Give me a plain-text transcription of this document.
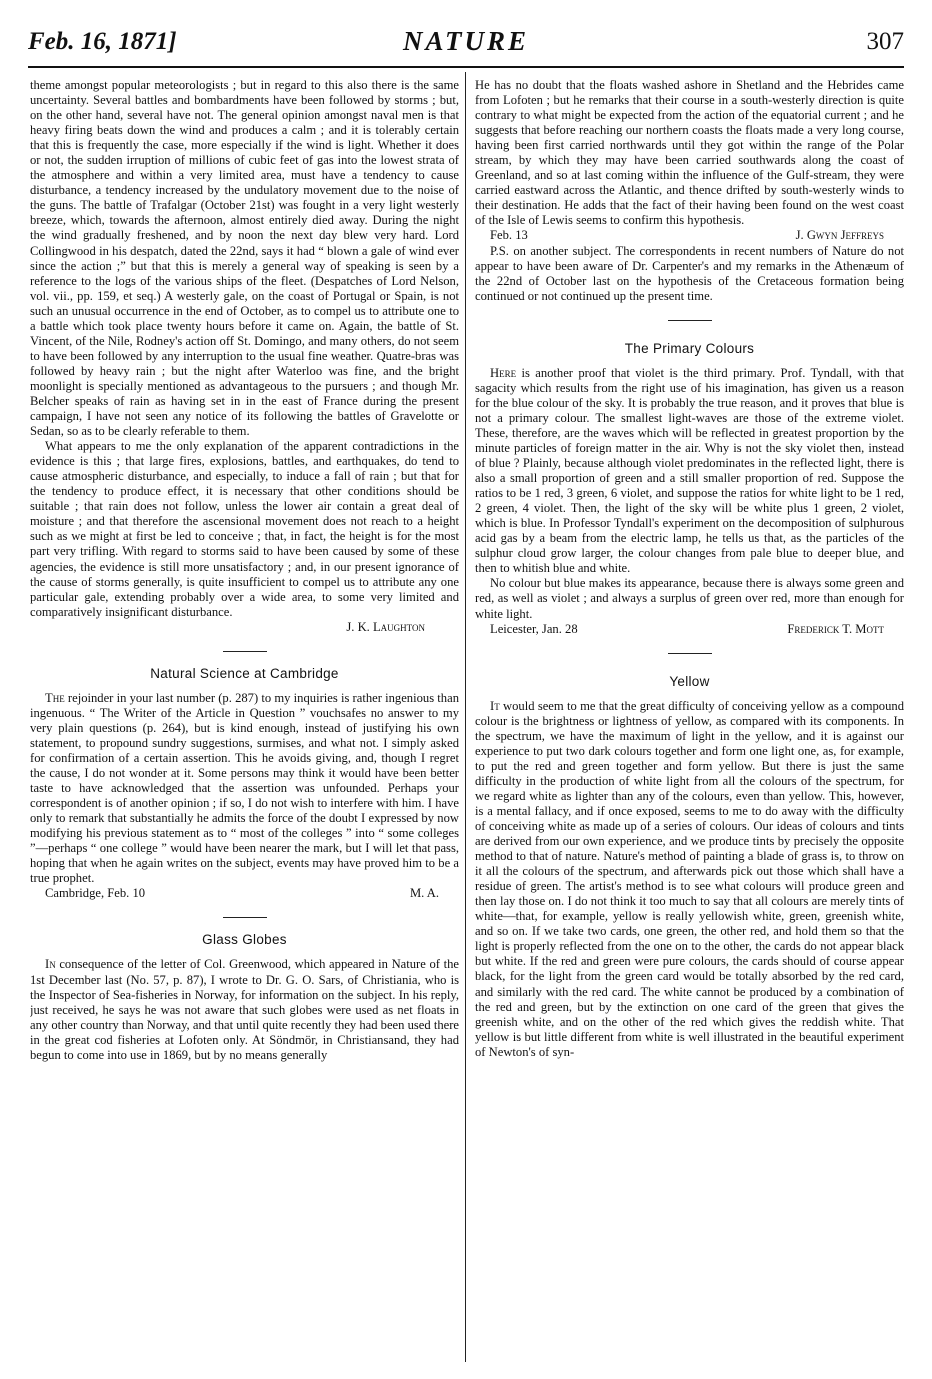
Feb. 16, 1871]	NATURE	307

theme amongst popular meteorologists ; but in regard to this also there is the same uncertainty. Several battles and bombardments have been followed by storms ; but, on the other hand, several have not. The general opinion amongst naval men is that heavy firing beats down the wind and produces a calm ; and it is tolerably certain that this is frequently the case, more especially if the wind is light. Whether it does or not, the sudden irruption of millions of cubic feet of gas into the lowest strata of the atmosphere and within a very limited area, must have a tendency to cause disturbance, a tendency increased by the undulatory movement due to the noise of the guns. The battle of Trafalgar (October 21st) was fought in a very light westerly breeze, which, towards the afternoon, almost entirely died away. During the night the wind gradually freshened, and by noon the next day blew very hard. Lord Collingwood in his despatch, dated the 22nd, says it had “ blown a gale of wind ever since the action ;” but that this is merely a general way of speaking is seen by a reference to the logs of the various ships of the fleet. (Despatches of Lord Nelson, vol. vii., pp. 159, et seq.) A westerly gale, on the coast of Portugal or Spain, is not such an unusual occurrence in the end of October, as to compel us to attribute one to a battle which took place twenty hours before it came on. Again, the battle of St. Vincent, of the Nile, Rodney's action off St. Domingo, and many others, do not seem to have been followed by any interruption to the usual fine weather. Quatre-bras was followed by heavy rain ; but the night after Waterloo was fine, and the bright moonlight is specially mentioned as advantageous to the pursuers ; and though Mr. Belcher speaks of rain as having set in in the east of France during the present campaign, I have not seen any notice of its following the battles of Gravelotte or Sedan, so as to be clearly referable to them.

What appears to me the only explanation of the apparent contradictions in the evidence is this ; that large fires, explosions, battles, and earthquakes, do tend to cause atmospheric disturbance, and especially, to induce a fall of rain ; but that for the tendency to produce effect, it is necessary that other conditions should be suitable ; that rain does not follow, unless the lower air contain a great deal of moisture ; and that therefore the ascensional movement does not reach to a height such as we might at first be led to conceive ; that, in fact, the height is for the most part very trifling. With regard to storms said to have been caused by some of these agencies, the evidence is still more unsatisfactory ; and, in our present ignorance of the cause of storms generally, is quite insufficient to compel us to attribute any one particular gale, extending probably over a wide area, to some very limited and comparatively insignificant disturbance.

J. K. Laughton

Natural Science at Cambridge

The rejoinder in your last number (p. 287) to my inquiries is rather ingenious than ingenuous. “ The Writer of the Article in Question ” vouchsafes no answer to my very plain questions (p. 264), but is kind enough, instead of justifying his own statement, to propound sundry suggestions, surmises, and what not. I simply asked for confirmation of a certain assertion. This he avoids giving, and, though I regret the cause, I do not wonder at it. Some persons may think it would have been better taste to have acknowledged that the assertion was unfounded. Perhaps your correspondent is of another opinion ; if so, I do not wish to interfere with him. I have only to remark that substantially he admits the force of the doubt I expressed by now modifying his previous statement as to “ most of the colleges ” into “ some colleges ”—perhaps “ one college ” would have been nearer the mark, but I will let that pass, hoping that when he again writes on the subject, events may have proved him to be a true prophet.

Cambridge, Feb. 10	M. A.
Glass Globes

In consequence of the letter of Col. Greenwood, which appeared in Nature of the 1st December last (No. 57, p. 87), I wrote to Dr. G. O. Sars, of Christiania, who is the Inspector of Sea-fisheries in Norway, for information on the subject. In his reply, just received, he says he was not aware that such globes were used as net floats in any other country than Norway, and that until quite recently they had been used there in the great cod fisheries at Lofoten only. At Söndmör, in Christiansand, they had begun to come into use in 1869, but by no means generally

He has no doubt that the floats washed ashore in Shetland and the Hebrides came from Lofoten ; but he remarks that their course in a south-westerly direction is quite contrary to what might be expected from the action of the equatorial current ; and he suggests that before reaching our northern coasts the floats made a very long course, having been first carried northwards until they got within the range of the Polar stream, by which they may have been carried southwards along the coast of Greenland, and so at last coming within the influence of the Gulf-stream, they were carried eastward across the Atlantic, and thence drifted by south-westerly winds to their destination. He adds that the fact of their having been found on the west coast of the Isle of Lewis seems to confirm this hypothesis.

Feb. 13	J. Gwyn Jeffreys

P.S. on another subject. The correspondents in recent numbers of Nature do not appear to have been aware of Dr. Carpenter's and my remarks in the Athenæum of the 22nd of October last on the hypothesis of the Cretaceous formation being continued or not continued up the present time.

The Primary Colours

Here is another proof that violet is the third primary. Prof. Tyndall, with that sagacity which results from the right use of his imagination, has given us a reason for the blue colour of the sky. It is probably the true reason, and it proves that blue is not a primary colour. The smallest light-waves are those of the extreme violet. These, therefore, are the waves which will be reflected in greatest proportion by the minute particles of foreign matter in the air. Why is not the sky violet then, instead of blue ? Plainly, because although violet predominates in the reflected light, there is also a small proportion of green and a still smaller proportion of red. Suppose the ratios to be 1 red, 3 green, 6 violet, and suppose the ratios for white light to be 1 red, 2 green, 4 violet. Then, the light of the sky will be white plus 1 green, 2 violet, which is blue. In Professor Tyndall's experiment on the decomposition of sulphurous acid gas by a beam from the electric lamp, he tells us that, as the particles of the sulphur cloud grow larger, the colour changes from pale blue to deeper blue, and then to whitish blue and white.

No colour but blue makes its appearance, because there is always some green and red, as well as violet ; and always a surplus of green over red, more than enough for white light.

Leicester, Jan. 28	Frederick T. Mott
Yellow

It would seem to me that the great difficulty of conceiving yellow as a compound colour is the brightness or lightness of yellow, as compared with its components. In the spectrum, we have the maximum of light in the yellow, and it is against our experience to put two dark colours together and form one light one, as, for example, to put the red and green together and form yellow. But there is just the same difficulty in the production of white light from all the colours of the spectrum, for we regard white as lighter than any of the colours, even than yellow. This, however, is a mental fallacy, and if once exposed, seems to me to do away with the difficulty of conceiving white as made up of a series of colours. Our ideas of colours and tints are derived from our own experience, and we produce tints by precisely the opposite method to that of nature. Nature's method of painting a blade of grass is, to throw on it all the colours of the spectrum, and afterwards pick out those which shall have a residue of green. The artist's method is to see what colours will produce green and then lay those on. I do not think it too much to say that all colours are merely tints of white—that, for example, yellow is really yellowish white, green, greenish white, and so on. If we take two cards, one green, the other red, and hold them so that the light is properly reflected from the one on to the other, the cards do not appear black but white. If the red and green were pure colours, the cards should of course appear black, for the light from the green card would be totally absorbed by the red card, and similarly with the red card. The white cannot be produced by a combination of the red and green, but by the extinction on one card of the green that gives the greenish white, and on the other of the red which gives the reddish white. That yellow is but little different from white is well illustrated in the beautiful experiment of Newton's of syn-
